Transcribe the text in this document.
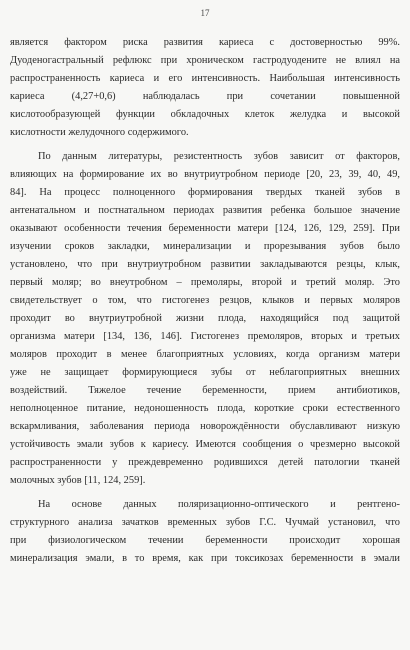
17
является фактором риска развития кариеса с достоверностью 99%.
Дуоденогастральный рефлюкс при хроническом гастродуодените не влиял на
распространенность кариеса и его интенсивность. Наибольшая интенсивность
кариеса (4,27+0,6) наблюдалась при сочетании повышенной
кислотообразующей функции обкладочных клеток желудка и высокой
кислотности желудочного содержимого.
По данным литературы, резистентность зубов зависит от факторов,
влияющих на формирование их во внутриутробном периоде [20, 23, 39, 40, 49,
84]. На процесс полноценного формирования твердых тканей зубов в
антенатальном и постнатальном периодах развития ребенка большое значение
оказывают особенности течения беременности матери [124, 126, 129, 259]. При
изучении сроков закладки, минерализации и прорезывания зубов было
установлено, что при внутриутробном развитии закладываются резцы, клык,
первый моляр; во внеутробном – премоляры, второй и третий моляр. Это
свидетельствует о том, что гистогенез резцов, клыков и первых моляров
проходит во внутриутробной жизни плода, находящийся под защитой
организма матери [134, 136, 146]. Гистогенез премоляров, вторых и третьих
моляров проходит в менее благоприятных условиях, когда организм матери
уже не защищает формирующиеся зубы от неблагоприятных внешних
воздействий. Тяжелое течение беременности, прием антибиотиков,
неполноценное питание, недоношенность плода, короткие сроки естественного
вскармливания, заболевания периода новорождённости обуславливают низкую
устойчивость эмали зубов к кариесу. Имеются сообщения о чрезмерно высокой
распространенности у преждевременно родившихся детей патологии тканей
молочных зубов [11, 124, 259].
На основе данных поляризационно-оптического и рентгено-
структурного анализа зачатков временных зубов Г.С. Чучмай установил, что
при физиологическом течении беременности происходит хорошая
минерализация эмали, в то время, как при токсикозах беременности в эмали
